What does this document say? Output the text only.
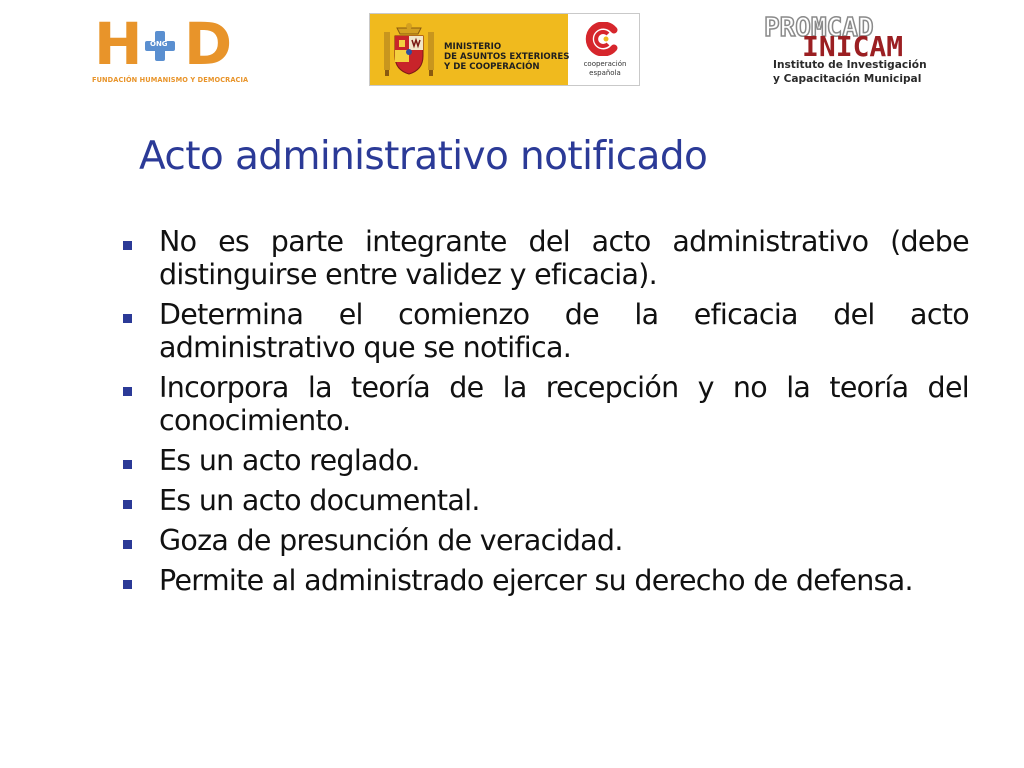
H D
ONG
FUNDACIÓN HUMANISMO Y DEMOCRACIA
MINISTERIO
DE ASUNTOS EXTERIORES
Y DE COOPERACIÓN	cooperación
española
PROMCAD
INICAM
Instituto de Investigación
y Capacitación Municipal
Acto administrativo notificado
No es parte integrante del acto administrativo (debe distinguirse entre validez y eficacia).
Determina el comienzo de la eficacia del acto administrativo que se notifica.
Incorpora la teoría de la recepción y no la teoría del conocimiento.
Es un acto reglado.
Es un acto documental.
Goza de presunción de veracidad.
Permite al administrado ejercer su derecho de defensa.
